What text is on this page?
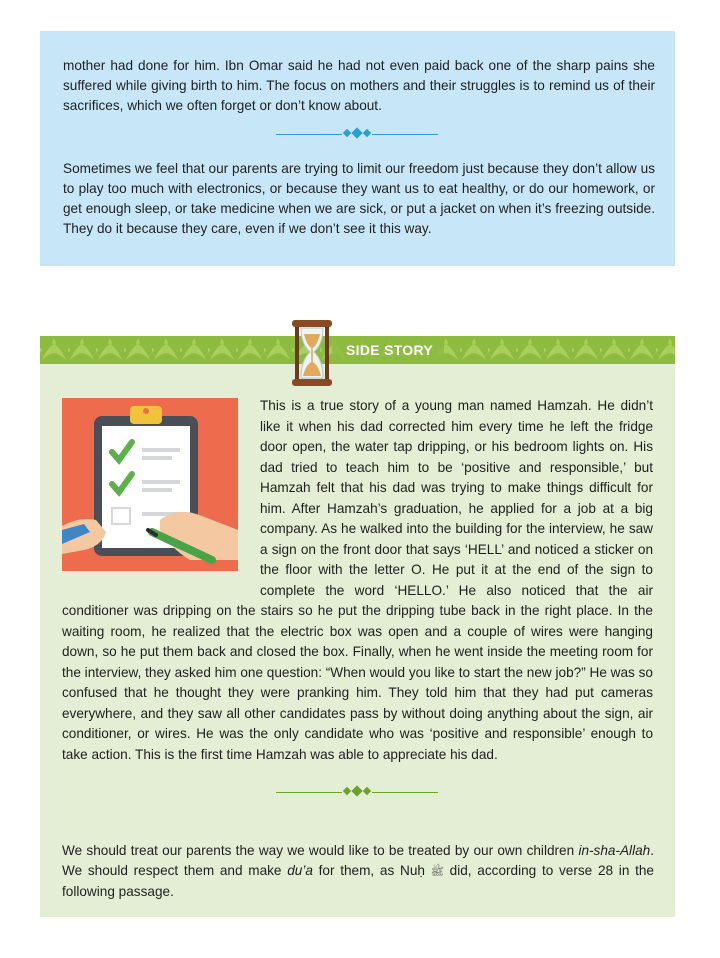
mother had done for him. Ibn Omar said he had not even paid back one of the sharp pains she suffered while giving birth to him. The focus on mothers and their struggles is to remind us of their sacrifices, which we often forget or don’t know about.

Sometimes we feel that our parents are trying to limit our freedom just because they don’t allow us to play too much with electronics, or because they want us to eat healthy, or do our homework, or get enough sleep, or take medicine when we are sick, or put a jacket on when it’s freezing outside. They do it because they care, even if we don’t see it this way.

SIDE STORY

This is a true story of a young man named Hamzah. He didn’t like it when his dad corrected him every time he left the fridge door open, the water tap dripping, or his bedroom lights on. His dad tried to teach him to be ‘positive and responsible,’ but Hamzah felt that his dad was trying to make things difficult for him. After Hamzah’s graduation, he applied for a job at a big company. As he walked into the building for the interview, he saw a sign on the front door that says ‘HELL’ and noticed a sticker on the floor with the letter O. He put it at the end of the sign to complete the word ‘HELLO.’ He also noticed that the air conditioner was dripping on the stairs so he put the dripping tube back in the right place. In the waiting room, he realized that the electric box was open and a couple of wires were hanging down, so he put them back and closed the box. Finally, when he went inside the meeting room for the interview, they asked him one question: “When would you like to start the new job?” He was so confused that he thought they were pranking him. They told him that they had put cameras everywhere, and they saw all other candidates pass by without doing anything about the sign, air conditioner, or wires. He was the only candidate who was ‘positive and responsible’ enough to take action. This is the first time Hamzah was able to appreciate his dad.

We should treat our parents the way we would like to be treated by our own children in-sha-Allah. We should respect them and make du’a for them, as Nuḥ ﷺ did, according to verse 28 in the following passage.
